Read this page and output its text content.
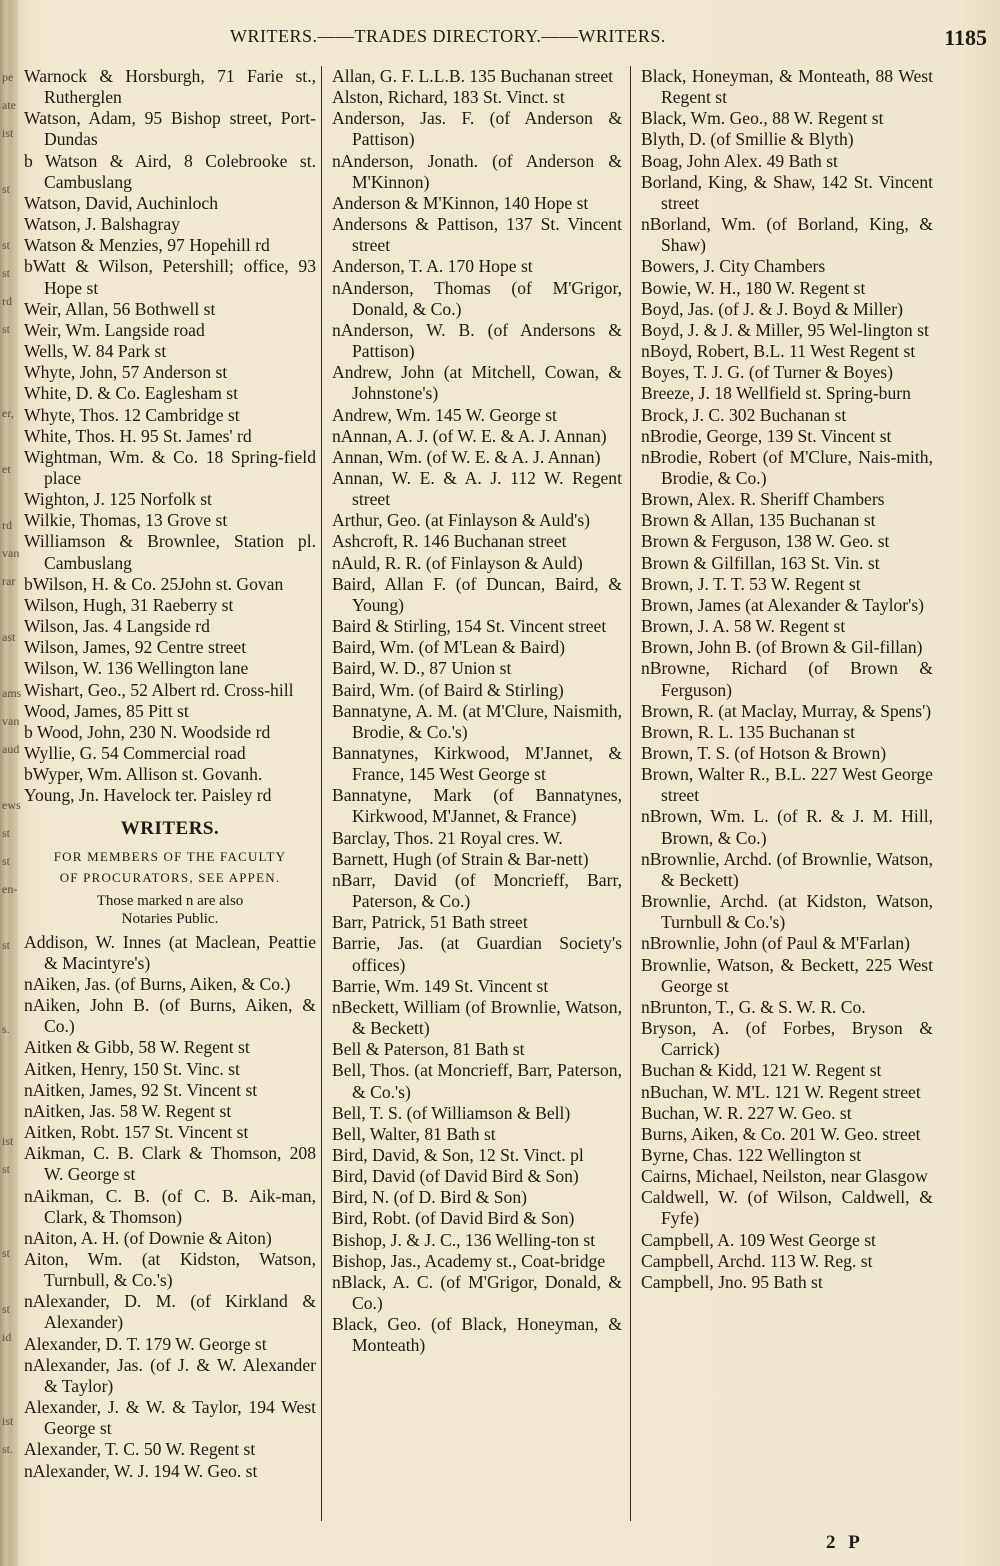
pe
ate
ist
st
st
st
rd
st
er,
et
rd
van
rar
ast
ams
van
aud
ews
st
st
en-
st
s.
ist
st
st
st
id
ist
st.
WRITERS.——TRADES DIRECTORY.——WRITERS.	1185
Warnock & Horsburgh, 71 Farie st., Rutherglen
Watson, Adam, 95 Bishop street, Port-Dundas
b Watson & Aird, 8 Colebrooke st. Cambuslang
Watson, David, Auchinloch
Watson, J. Balshagray
Watson & Menzies, 97 Hopehill rd
bWatt & Wilson, Petershill; office, 93 Hope st
Weir, Allan, 56 Bothwell st
Weir, Wm. Langside road
Wells, W. 84 Park st
Whyte, John, 57 Anderson st
White, D. & Co. Eaglesham st
Whyte, Thos. 12 Cambridge st
White, Thos. H. 95 St. James' rd
Wightman, Wm. & Co. 18 Spring-field place
Wighton, J. 125 Norfolk st
Wilkie, Thomas, 13 Grove st
Williamson & Brownlee, Station pl. Cambuslang
bWilson, H. & Co. 25John st. Govan
Wilson, Hugh, 31 Raeberry st
Wilson, Jas. 4 Langside rd
Wilson, James, 92 Centre street
Wilson, W. 136 Wellington lane
Wishart, Geo., 52 Albert rd. Cross-hill
Wood, James, 85 Pitt st
b Wood, John, 230 N. Woodside rd
Wyllie, G. 54 Commercial road
bWyper, Wm. Allison st. Govanh.
Young, Jn. Havelock ter. Paisley rd
WRITERS.
FOR MEMBERS OF THE FACULTY
OF PROCURATORS, SEE APPEN.
Those marked n are also
Notaries Public.
Addison, W. Innes (at Maclean, Peattie & Macintyre's)
nAiken, Jas. (of Burns, Aiken, & Co.)
nAiken, John B. (of Burns, Aiken, & Co.)
Aitken & Gibb, 58 W. Regent st
Aitken, Henry, 150 St. Vinc. st
nAitken, James, 92 St. Vincent st
nAitken, Jas. 58 W. Regent st
Aitken, Robt. 157 St. Vincent st
Aikman, C. B. Clark & Thomson, 208 W. George st
nAikman, C. B. (of C. B. Aik-man, Clark, & Thomson)
nAiton, A. H. (of Downie & Aiton)
Aiton, Wm. (at Kidston, Watson, Turnbull, & Co.'s)
nAlexander, D. M. (of Kirkland & Alexander)
Alexander, D. T. 179 W. George st
nAlexander, Jas. (of J. & W. Alexander & Taylor)
Alexander, J. & W. & Taylor, 194 West George st
Alexander, T. C. 50 W. Regent st
nAlexander, W. J. 194 W. Geo. st
Allan, G. F. L.L.B. 135 Buchanan street
Alston, Richard, 183 St. Vinct. st
Anderson, Jas. F. (of Anderson & Pattison)
nAnderson, Jonath. (of Anderson & M'Kinnon)
Anderson & M'Kinnon, 140 Hope st
Andersons & Pattison, 137 St. Vincent street
Anderson, T. A. 170 Hope st
nAnderson, Thomas (of M'Grigor, Donald, & Co.)
nAnderson, W. B. (of Andersons & Pattison)
Andrew, John (at Mitchell, Cowan, & Johnstone's)
Andrew, Wm. 145 W. George st
nAnnan, A. J. (of W. E. & A. J. Annan)
Annan, Wm. (of W. E. & A. J. Annan)
Annan, W. E. & A. J. 112 W. Regent street
Arthur, Geo. (at Finlayson & Auld's)
Ashcroft, R. 146 Buchanan street
nAuld, R. R. (of Finlayson & Auld)
Baird, Allan F. (of Duncan, Baird, & Young)
Baird & Stirling, 154 St. Vincent street
Baird, Wm. (of M'Lean & Baird)
Baird, W. D., 87 Union st
Baird, Wm. (of Baird & Stirling)
Bannatyne, A. M. (at M'Clure, Naismith, Brodie, & Co.'s)
Bannatynes, Kirkwood, M'Jannet, & France, 145 West George st
Bannatyne, Mark (of Bannatynes, Kirkwood, M'Jannet, & France)
Barclay, Thos. 21 Royal cres. W.
Barnett, Hugh (of Strain & Bar-nett)
nBarr, David (of Moncrieff, Barr, Paterson, & Co.)
Barr, Patrick, 51 Bath street
Barrie, Jas. (at Guardian Society's offices)
Barrie, Wm. 149 St. Vincent st
nBeckett, William (of Brownlie, Watson, & Beckett)
Bell & Paterson, 81 Bath st
Bell, Thos. (at Moncrieff, Barr, Paterson, & Co.'s)
Bell, T. S. (of Williamson & Bell)
Bell, Walter, 81 Bath st
Bird, David, & Son, 12 St. Vinct. pl
Bird, David (of David Bird & Son)
Bird, N. (of D. Bird & Son)
Bird, Robt. (of David Bird & Son)
Bishop, J. & J. C., 136 Welling-ton st
Bishop, Jas., Academy st., Coat-bridge
nBlack, A. C. (of M'Grigor, Donald, & Co.)
Black, Geo. (of Black, Honeyman, & Monteath)
Black, Honeyman, & Monteath, 88 West Regent st
Black, Wm. Geo., 88 W. Regent st
Blyth, D. (of Smillie & Blyth)
Boag, John Alex. 49 Bath st
Borland, King, & Shaw, 142 St. Vincent street
nBorland, Wm. (of Borland, King, & Shaw)
Bowers, J. City Chambers
Bowie, W. H., 180 W. Regent st
Boyd, Jas. (of J. & J. Boyd & Miller)
Boyd, J. & J. & Miller, 95 Wel-lington st
nBoyd, Robert, B.L. 11 West Regent st
Boyes, T. J. G. (of Turner & Boyes)
Breeze, J. 18 Wellfield st. Spring-burn
Brock, J. C. 302 Buchanan st
nBrodie, George, 139 St. Vincent st
nBrodie, Robert (of M'Clure, Nais-mith, Brodie, & Co.)
Brown, Alex. R. Sheriff Chambers
Brown & Allan, 135 Buchanan st
Brown & Ferguson, 138 W. Geo. st
Brown & Gilfillan, 163 St. Vin. st
Brown, J. T. T. 53 W. Regent st
Brown, James (at Alexander & Taylor's)
Brown, J. A. 58 W. Regent st
Brown, John B. (of Brown & Gil-fillan)
nBrowne, Richard (of Brown & Ferguson)
Brown, R. (at Maclay, Murray, & Spens')
Brown, R. L. 135 Buchanan st
Brown, T. S. (of Hotson & Brown)
Brown, Walter R., B.L. 227 West George street
nBrown, Wm. L. (of R. & J. M. Hill, Brown, & Co.)
nBrownlie, Archd. (of Brownlie, Watson, & Beckett)
Brownlie, Archd. (at Kidston, Watson, Turnbull & Co.'s)
nBrownlie, John (of Paul & M'Farlan)
Brownlie, Watson, & Beckett, 225 West George st
nBrunton, T., G. & S. W. R. Co.
Bryson, A. (of Forbes, Bryson & Carrick)
Buchan & Kidd, 121 W. Regent st
nBuchan, W. M'L. 121 W. Regent street
Buchan, W. R. 227 W. Geo. st
Burns, Aiken, & Co. 201 W. Geo. street
Byrne, Chas. 122 Wellington st
Cairns, Michael, Neilston, near Glasgow
Caldwell, W. (of Wilson, Caldwell, & Fyfe)
Campbell, A. 109 West George st
Campbell, Archd. 113 W. Reg. st
Campbell, Jno. 95 Bath st
2 P
